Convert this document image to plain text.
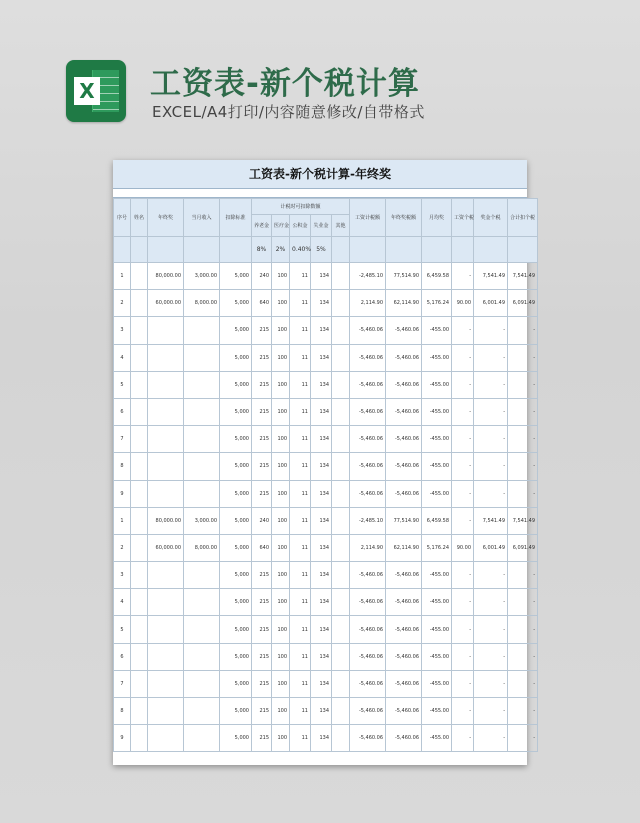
X 工资表-新个税计算
EXCEL/A4打印/内容随意修改/自带格式
工资表-新个税计算-年终奖
序号	姓名	年终奖	当月收入	扣除标准	计税时可扣除数额					工资计税额	年终奖税额	月均奖	工资个税	奖金个税	合计扣个税
					养老金	医疗金	公积金	失业金	其他						
					8%	2%	0.40%	5%							
1		80,000.00	3,000.00	5,000	240	100	11	134		-2,485.10	77,514.90	6,459.58	-	7,541.49	7,541.49
2		60,000.00	8,000.00	5,000	640	100	11	134		2,114.90	62,114.90	5,176.24	90.00	6,001.49	6,091.49
3				5,000	215	100	11	134		-5,460.06	-5,460.06	-455.00	-	-	-
4				5,000	215	100	11	134		-5,460.06	-5,460.06	-455.00	-	-	-
5				5,000	215	100	11	134		-5,460.06	-5,460.06	-455.00	-	-	-
6				5,000	215	100	11	134		-5,460.06	-5,460.06	-455.00	-	-	-
7				5,000	215	100	11	134		-5,460.06	-5,460.06	-455.00	-	-	-
8				5,000	215	100	11	134		-5,460.06	-5,460.06	-455.00	-	-	-
9				5,000	215	100	11	134		-5,460.06	-5,460.06	-455.00	-	-	-
1		80,000.00	3,000.00	5,000	240	100	11	134		-2,485.10	77,514.90	6,459.58	-	7,541.49	7,541.49
2		60,000.00	8,000.00	5,000	640	100	11	134		2,114.90	62,114.90	5,176.24	90.00	6,001.49	6,091.49
3				5,000	215	100	11	134		-5,460.06	-5,460.06	-455.00	-	-	-
4				5,000	215	100	11	134		-5,460.06	-5,460.06	-455.00	-	-	-
5				5,000	215	100	11	134		-5,460.06	-5,460.06	-455.00	-	-	-
6				5,000	215	100	11	134		-5,460.06	-5,460.06	-455.00	-	-	-
7				5,000	215	100	11	134		-5,460.06	-5,460.06	-455.00	-	-	-
8				5,000	215	100	11	134		-5,460.06	-5,460.06	-455.00	-	-	-
9				5,000	215	100	11	134		-5,460.06	-5,460.06	-455.00	-	-	-
